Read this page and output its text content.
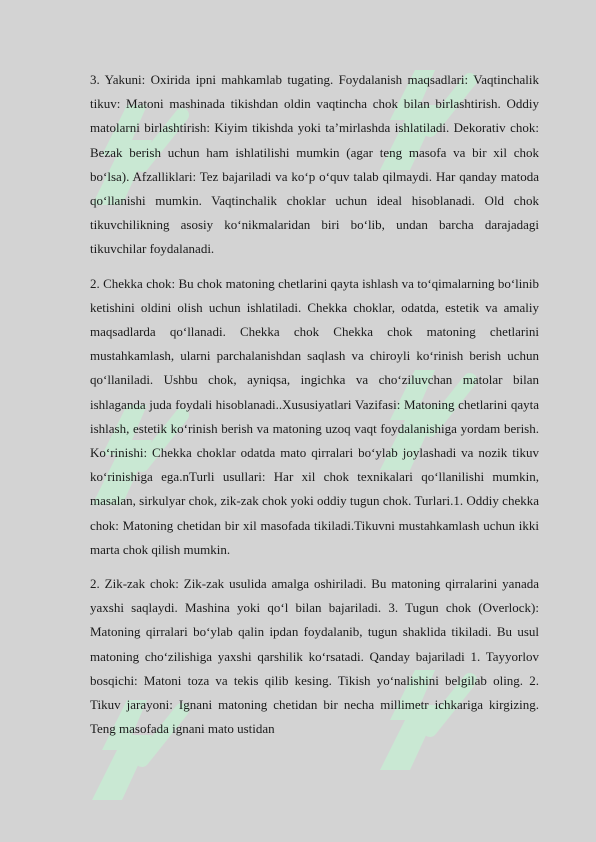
3. Yakuni: Oxirida ipni mahkamlab tugating. Foydalanish maqsadlari: Vaqtinchalik tikuv: Matoni mashinada tikishdan oldin vaqtincha chok bilan birlashtirish. Oddiy matolarni birlashtirish: Kiyim tikishda yoki ta’mirlashda ishlatiladi. Dekorativ chok: Bezak berish uchun ham ishlatilishi mumkin (agar teng masofa va bir xil chok bo‘lsa). Afzalliklari: Tez bajariladi va ko‘p o‘quv talab qilmaydi. Har qanday matoda qo‘llanishi mumkin. Vaqtinchalik choklar uchun ideal hisoblanadi. Old chok tikuvchilikning asosiy ko‘nikmalaridan biri bo‘lib, undan barcha darajadagi tikuvchilar foydalanadi.

2. Chekka chok: Bu chok matoning chetlarini qayta ishlash va to‘qimalarning bo‘linib ketishini oldini olish uchun ishlatiladi. Chekka choklar, odatda, estetik va amaliy maqsadlarda qo‘llanadi. Chekka chok Chekka chok matoning chetlarini mustahkamlash, ularni parchalanishdan saqlash va chiroyli ko‘rinish berish uchun qo‘llaniladi. Ushbu chok, ayniqsa, ingichka va cho‘ziluvchan matolar bilan ishlaganda juda foydali hisoblanadi..Xususiyatlari Vazifasi: Matoning chetlarini qayta ishlash, estetik ko‘rinish berish va matoning uzoq vaqt foydalanishiga yordam berish. Ko‘rinishi: Chekka choklar odatda mato qirralari bo‘ylab joylashadi va nozik tikuv ko‘rinishiga ega.nTurli usullari: Har xil chok texnikalari qo‘llanilishi mumkin, masalan, sirkulyar chok, zik-zak chok yoki oddiy tugun chok. Turlari.1. Oddiy chekka chok: Matoning chetidan bir xil masofada tikiladi.Tikuvni mustahkamlash uchun ikki marta chok qilish mumkin.

2. Zik-zak chok: Zik-zak usulida amalga oshiriladi. Bu matoning qirralarini yanada yaxshi saqlaydi. Mashina yoki qo‘l bilan bajariladi. 3. Tugun chok (Overlock): Matoning qirralari bo‘ylab qalin ipdan foydalanib, tugun shaklida tikiladi. Bu usul matoning cho‘zilishiga yaxshi qarshilik ko‘rsatadi. Qanday bajariladi 1. Tayyorlov bosqichi: Matoni toza va tekis qilib kesing. Tikish yo‘nalishini belgilab oling. 2. Tikuv jarayoni: Ignani matoning chetidan bir necha millimetr ichkariga kirgizing. Teng masofada ignani mato ustidan
